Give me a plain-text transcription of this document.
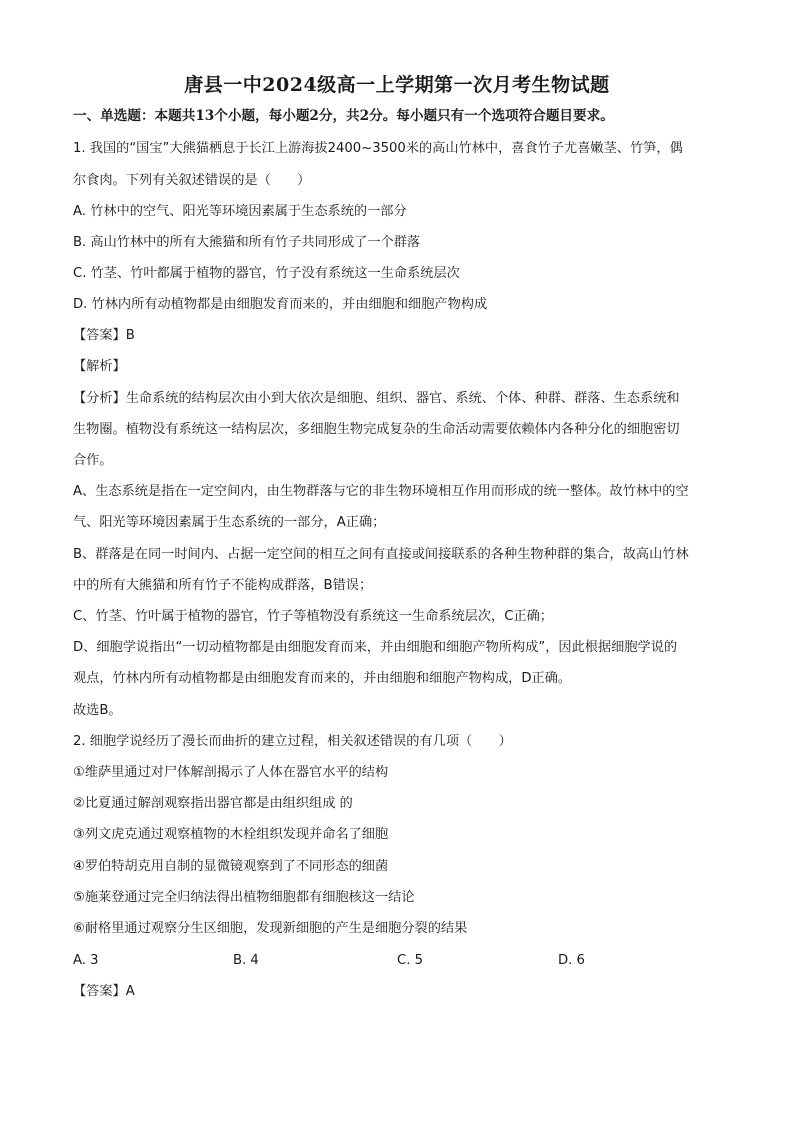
唐县一中2024级高一上学期第一次月考生物试题
一、单选题：本题共13个小题，每小题2分，共2分。每小题只有一个选项符合题目要求。
1. 我国的“国宝”大熊猫栖息于长江上游海拔2400~3500米的高山竹林中，喜食竹子尤喜嫩茎、竹笋，偶
尔食肉。下列有关叙述错误的是（　　）
A. 竹林中的空气、阳光等环境因素属于生态系统的一部分
B. 高山竹林中的所有大熊猫和所有竹子共同形成了一个群落
C. 竹茎、竹叶都属于植物的器官，竹子没有系统这一生命系统层次
D. 竹林内所有动植物都是由细胞发育而来的，并由细胞和细胞产物构成
【答案】B
【解析】
【分析】生命系统的结构层次由小到大依次是细胞、组织、器官、系统、个体、种群、群落、生态系统和
生物圈。植物没有系统这一结构层次，多细胞生物完成复杂的生命活动需要依赖体内各种分化的细胞密切
合作。
A、生态系统是指在一定空间内，由生物群落与它的非生物环境相互作用而形成的统一整体。故竹林中的空
气、阳光等环境因素属于生态系统的一部分，A正确；
B、群落是在同一时间内、占据一定空间的相互之间有直接或间接联系的各种生物种群的集合，故高山竹林
中的所有大熊猫和所有竹子不能构成群落，B错误；
C、竹茎、竹叶属于植物的器官，竹子等植物没有系统这一生命系统层次，C正确；
D、细胞学说指出“一切动植物都是由细胞发育而来，并由细胞和细胞产物所构成”，因此根据细胞学说的
观点，竹林内所有动植物都是由细胞发育而来的，并由细胞和细胞产物构成，D正确。
故选B。
2. 细胞学说经历了漫长而曲折的建立过程，相关叙述错误的有几项（　　）
①维萨里通过对尸体解剖揭示了人体在器官水平的结构
②比夏通过解剖观察指出器官都是由组织组成 的
③列文虎克通过观察植物的木栓组织发现并命名了细胞
④罗伯特胡克用自制的显微镜观察到了不同形态的细菌
⑤施莱登通过完全归纳法得出植物细胞都有细胞核这一结论
⑥耐格里通过观察分生区细胞，发现新细胞的产生是细胞分裂的结果
A. 3	B. 4	C. 5	D. 6
【答案】A
